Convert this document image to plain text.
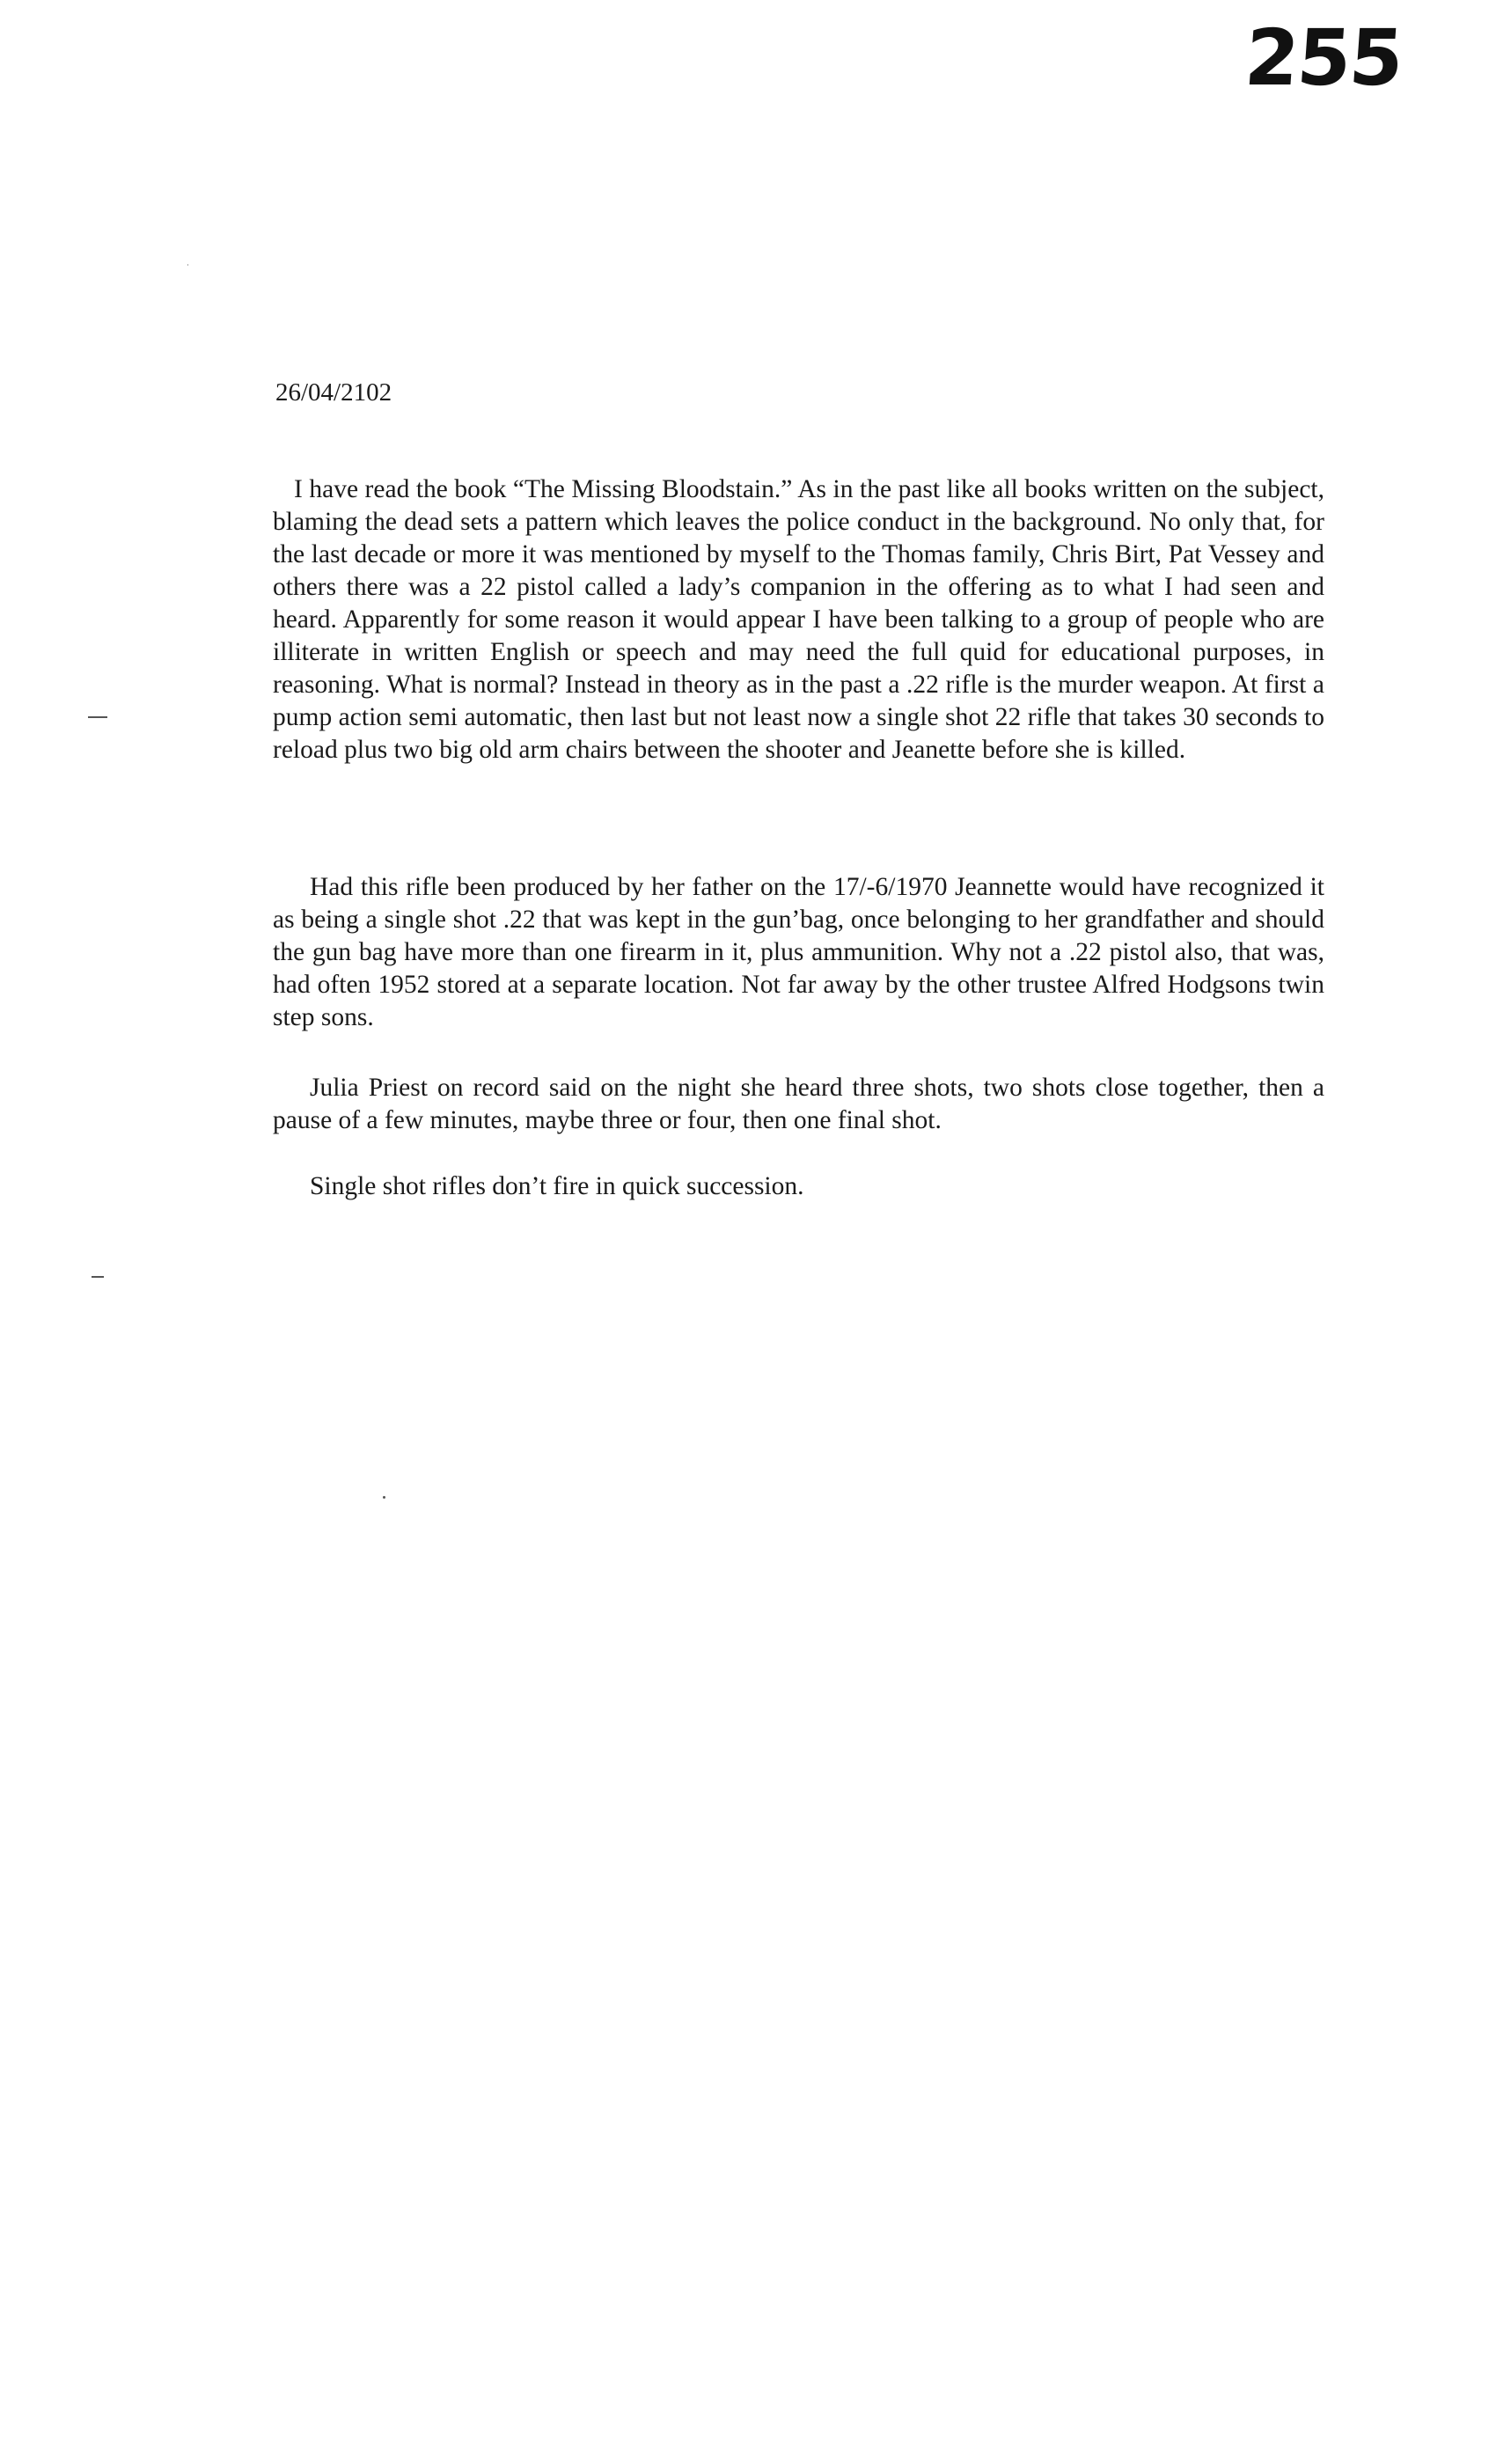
255
26/04/2102

I have read the book “The Missing Bloodstain.” As in the past like all books written on the subject, blaming the dead sets a pattern which leaves the police conduct in the background. No only that, for the last decade or more it was mentioned by myself to the Thomas family, Chris Birt, Pat Vessey and others there was a 22 pistol called a lady’s companion in the offering as to what I had seen and heard. Apparently for some reason it would appear I have been talking to a group of people who are illiterate in written English or speech and may need the full quid for educational purposes, in reasoning. What is normal? Instead in theory as in the past a .22 rifle is the murder weapon. At first a pump action semi automatic, then last but not least now a single shot 22 rifle that takes 30 seconds to reload plus two big old arm chairs between the shooter and Jeanette before she is killed.

Had this rifle been produced by her father on the 17/-6/1970 Jeannette would have recognized it as being a single shot .22 that was kept in the gun’bag, once belonging to her grandfather and should the gun bag have more than one firearm in it, plus ammunition. Why not a .22 pistol also, that was, had often 1952 stored at a separate location. Not far away by the other trustee Alfred Hodgsons twin step sons.

Julia Priest on record said on the night she heard three shots, two shots close together, then a pause of a few minutes, maybe three or four, then one final shot.

Single shot rifles don’t fire in quick succession.
